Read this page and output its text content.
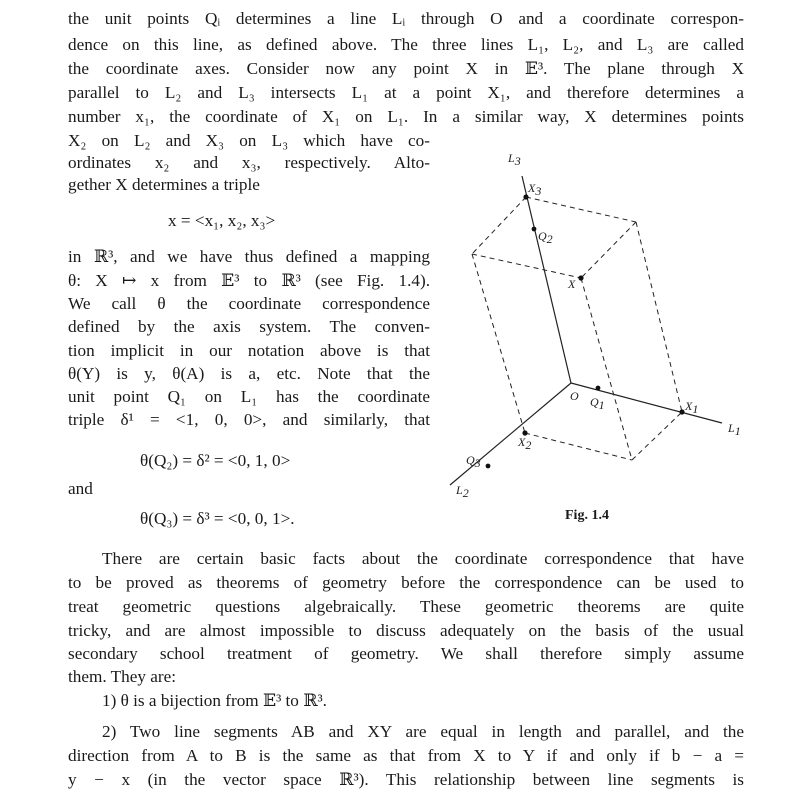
the unit points Qᵢ determines a line Lᵢ through O and a coordinate correspon-
dence on this line, as defined above. The three lines L₁, L₂, and L₃ are called
the coordinate axes. Consider now any point X in 𝔼³. The plane through X
parallel to L₂ and L₃ intersects L₁ at a point X₁, and therefore determines a
number x₁, the coordinate of X₁ on L₁. In a similar way, X determines points
X₂ on L₂ and X₃ on L₃ which have co-
ordinates x₂ and x₃, respectively. Alto-
gether X determines a triple
x = <x₁, x₂, x₃>
in ℝ³, and we have thus defined a mapping
θ: X ↦ x from 𝔼³ to ℝ³ (see Fig. 1.4).
We call θ the coordinate correspondence
defined by the axis system. The conven-
tion implicit in our notation above is that
θ(Y) is y, θ(A) is a, etc. Note that the
unit point Q₁ on L₁ has the coordinate
triple δ¹ = <1, 0, 0>, and similarly, that
θ(Q₂) = δ² = <0, 1, 0>
and
θ(Q₃) = δ³ = <0, 0, 1>.
L3
X3
Q2
X
O Q1	X1
L1
X2
Q3
L2
Fig. 1.4
There are certain basic facts about the coordinate correspondence that have
to be proved as theorems of geometry before the correspondence can be used to
treat geometric questions algebraically. These geometric theorems are quite
tricky, and are almost impossible to discuss adequately on the basis of the usual
secondary school treatment of geometry. We shall therefore simply assume
them. They are:
1) θ is a bijection from 𝔼³ to ℝ³.
2) Two line segments AB and XY are equal in length and parallel, and the
direction from A to B is the same as that from X to Y if and only if b − a =
y − x (in the vector space ℝ³). This relationship between line segments is
